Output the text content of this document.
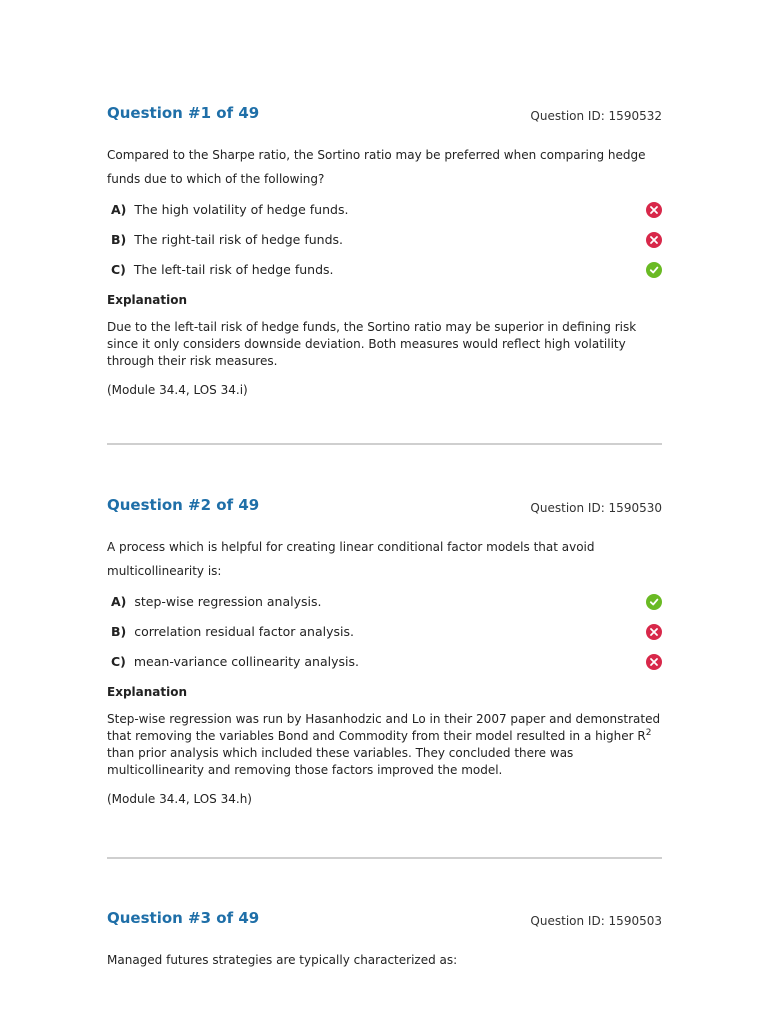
Question #1 of 49	Question ID: 1590532
Compared to the Sharpe ratio, the Sortino ratio may be preferred when comparing hedge funds due to which of the following?
A) The high volatility of hedge funds.
B) The right-tail risk of hedge funds.
C) The left-tail risk of hedge funds.
Explanation
Due to the left-tail risk of hedge funds, the Sortino ratio may be superior in defining risk since it only considers downside deviation. Both measures would reflect high volatility through their risk measures.
(Module 34.4, LOS 34.i)
Question #2 of 49	Question ID: 1590530
A process which is helpful for creating linear conditional factor models that avoid multicollinearity is:
A) step-wise regression analysis.
B) correlation residual factor analysis.
C) mean-variance collinearity analysis.
Explanation
Step-wise regression was run by Hasanhodzic and Lo in their 2007 paper and demonstrated that removing the variables Bond and Commodity from their model resulted in a higher $R^2$ than prior analysis which included these variables. They concluded there was multicollinearity and removing those factors improved the model.
(Module 34.4, LOS 34.h)
Question #3 of 49	Question ID: 1590503
Managed futures strategies are typically characterized as:
